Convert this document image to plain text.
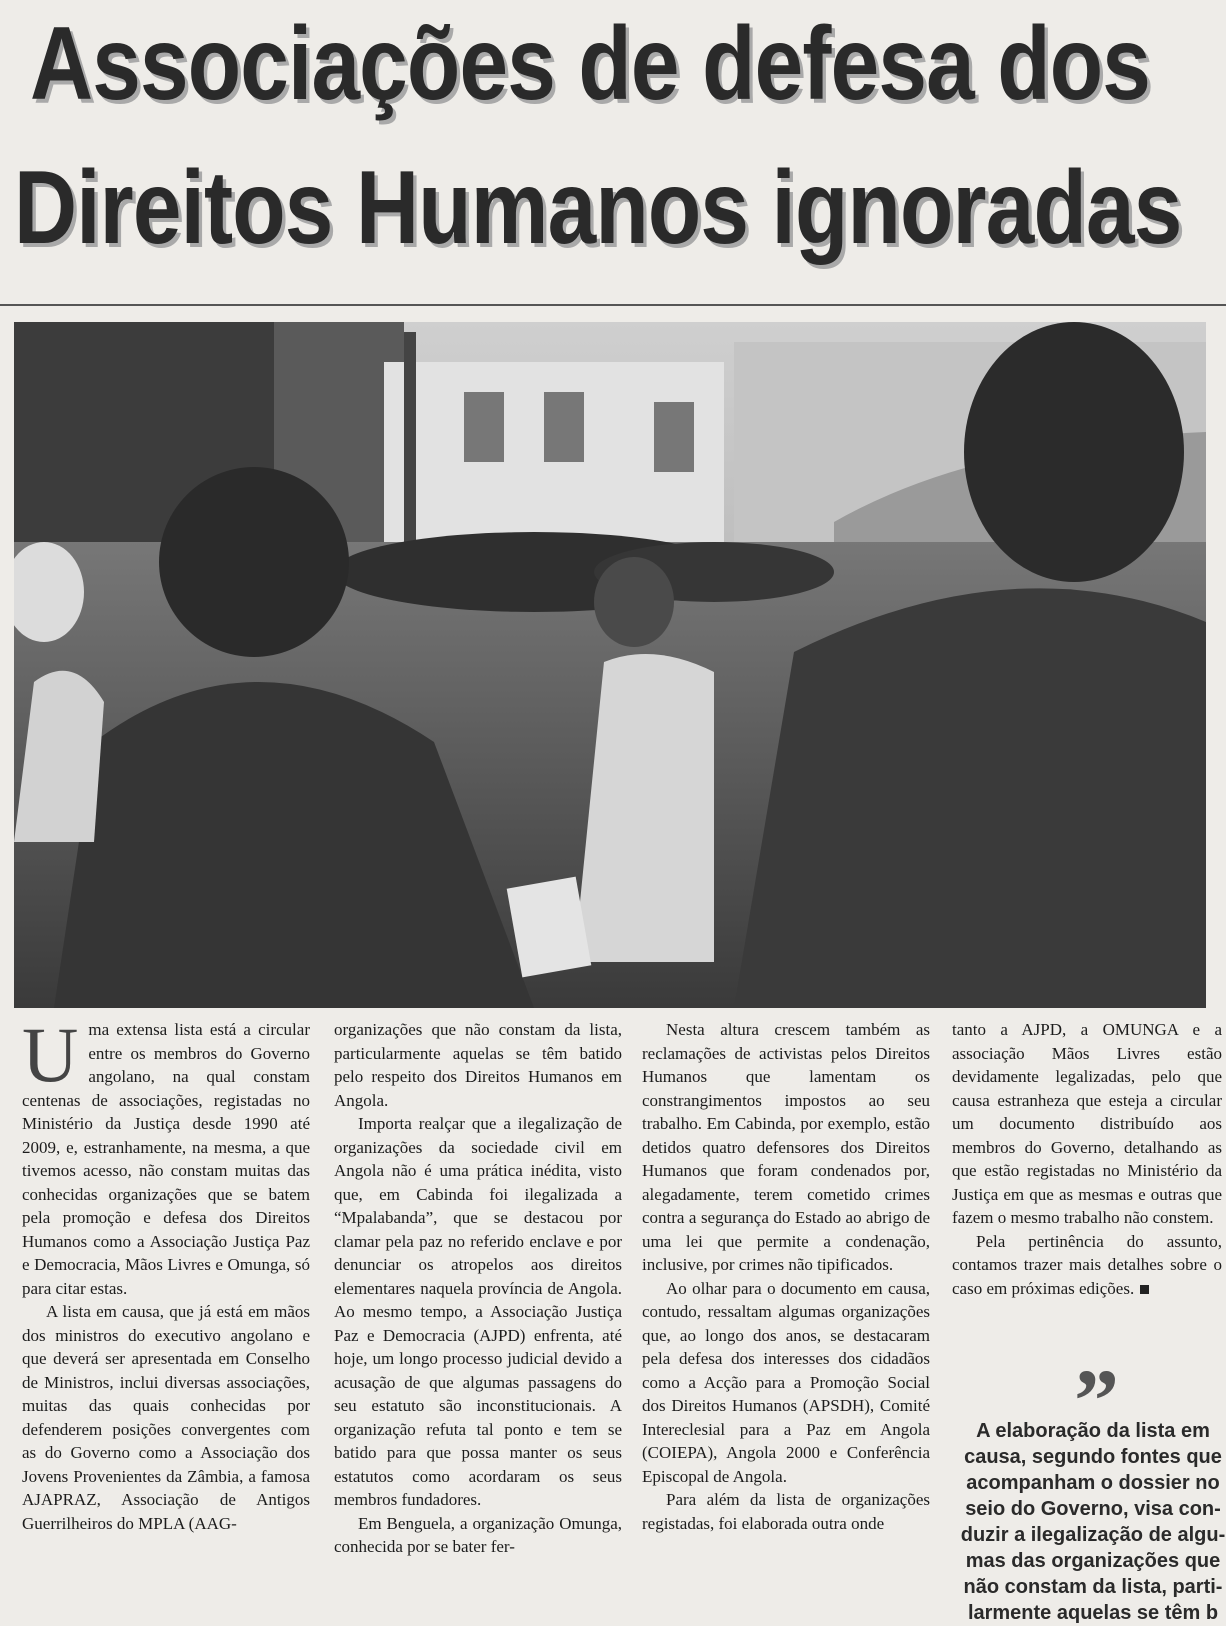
Associações de defesa dos
Direitos Humanos ignoradas

Uma extensa lista está a circular entre os membros do Governo angolano, na qual constam centenas de associações, registadas no Ministério da Justiça desde 1990 até 2009, e, estranhamente, na mesma, a que tivemos acesso, não constam muitas das conhecidas organizações que se batem pela promoção e defesa dos Direitos Humanos como a Associação Justiça Paz e Democracia, Mãos Livres e Omunga, só para citar estas.

A lista em causa, que já está em mãos dos ministros do executivo angolano e que deverá ser apresentada em Conselho de Ministros, inclui diversas associações, muitas das quais conhecidas por defenderem posições convergentes com as do Governo como a Associação dos Jovens Provenientes da Zâmbia, a famosa AJAPRAZ, Associação de Antigos Guerrilheiros do MPLA (AAG-

organizações que não constam da lista, particularmente aquelas se têm batido pelo respeito dos Direitos Humanos em Angola.

Importa realçar que a ilegalização de organizações da sociedade civil em Angola não é uma prática inédita, visto que, em Cabinda foi ilegalizada a “Mpalabanda”, que se destacou por clamar pela paz no referido enclave e por denunciar os atropelos aos direitos elementares naquela província de Angola. Ao mesmo tempo, a Associação Justiça Paz e Democracia (AJPD) enfrenta, até hoje, um longo processo judicial devido a acusação de que algumas passagens do seu estatuto são inconstitucionais. A organização refuta tal ponto e tem se batido para que possa manter os seus estatutos como acordaram os seus membros fundadores.

Em Benguela, a organização Omunga, conhecida por se bater fer-

Nesta altura crescem também as reclamações de activistas pelos Direitos Humanos que lamentam os constrangimentos impostos ao seu trabalho. Em Cabinda, por exemplo, estão detidos quatro defensores dos Direitos Humanos que foram condenados por, alegadamente, terem cometido crimes contra a segurança do Estado ao abrigo de uma lei que permite a condenação, inclusive, por crimes não tipificados.

Ao olhar para o documento em causa, contudo, ressaltam algumas organizações que, ao longo dos anos, se destacaram pela defesa dos interesses dos cidadãos como a Acção para a Promoção Social dos Direitos Humanos (APSDH), Comité Intereclesial para a Paz em Angola (COIEPA), Angola 2000 e Conferência Episcopal de Angola.

Para além da lista de organizações registadas, foi elaborada outra onde

tanto a AJPD, a OMUNGA e a associação Mãos Livres estão devidamente legalizadas, pelo que causa estranheza que esteja a circular um documento distribuído aos membros do Governo, detalhando as que estão registadas no Ministério da Justiça em que as mesmas e outras que fazem o mesmo trabalho não constem.

Pela pertinência do assunto, contamos trazer mais detalhes sobre o caso em próximas edições.

”
A elaboração da lista em
causa, segundo fontes que
acompanham o dossier no
seio do Governo, visa con-
duzir a ilegalização de algu-
mas das organizações que
não constam da lista, parti-
larmente aquelas se têm b
